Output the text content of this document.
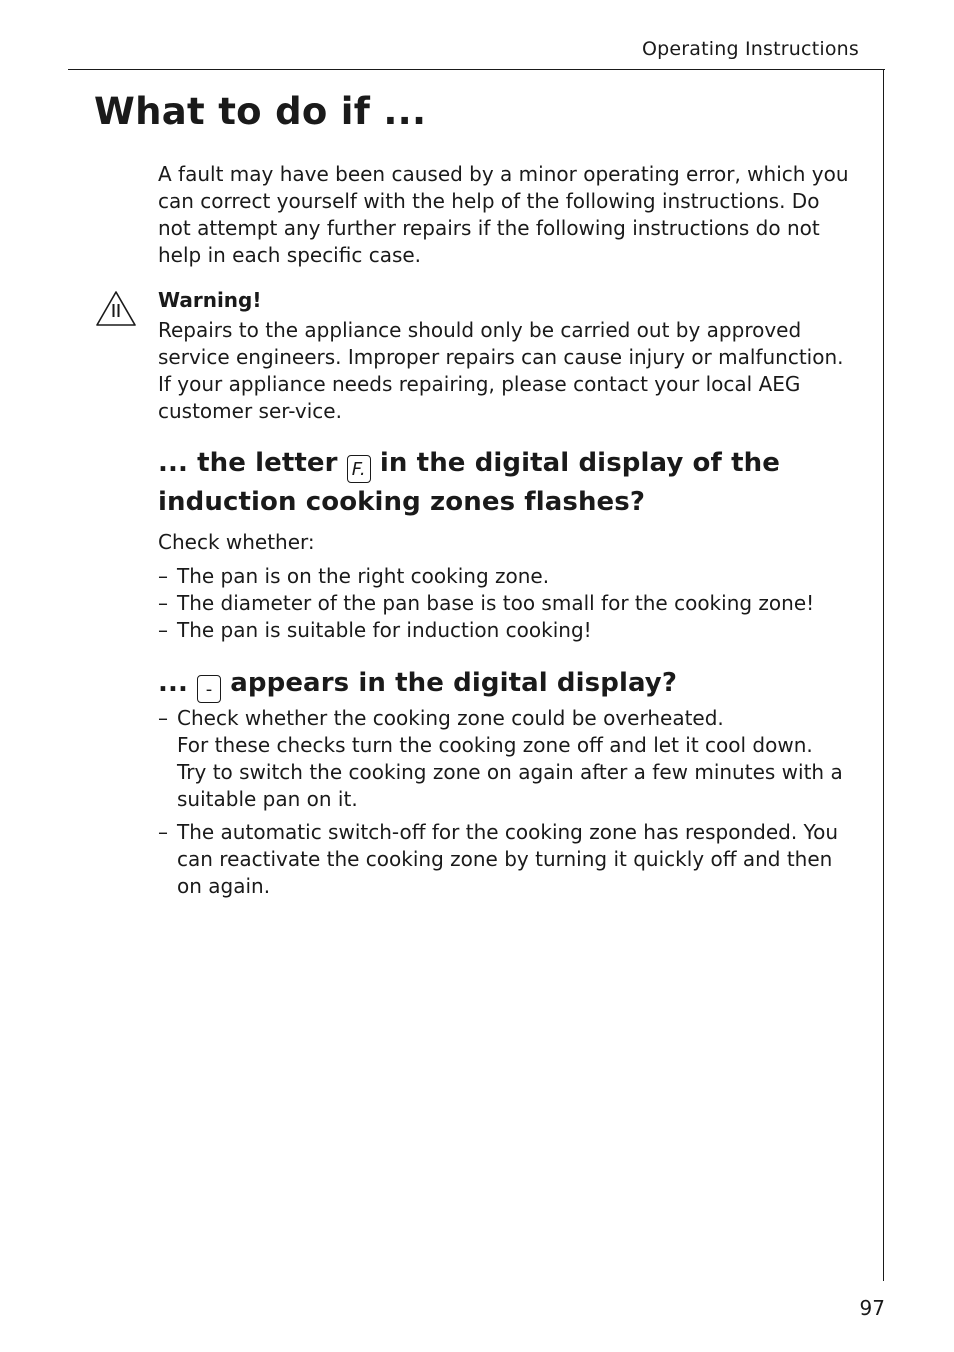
Operating Instructions
What to do if ...

A fault may have been caused by a minor operating error, which you can correct yourself with the help of the following instructions. Do not attempt any further repairs if the following instructions do not help in each specific case.

Warning!

Repairs to the appliance should only be carried out by approved service engineers. Improper repairs can cause injury or malfunction. If your appliance needs repairing, please contact your local AEG customer ser-vice.

... the letter F. in the digital display of the induction cooking zones flashes?

Check whether:

– The pan is on the right cooking zone.
– The diameter of the pan base is too small for the cooking zone!
– The pan is suitable for induction cooking!
... - appears in the digital display?
– Check whether the cooking zone could be overheated.
For these checks turn the cooking zone off and let it cool down.
Try to switch the cooking zone on again after a few minutes with a suitable pan on it.
– The automatic switch-off for the cooking zone has responded. You can reactivate the cooking zone by turning it quickly off and then on again.
97
